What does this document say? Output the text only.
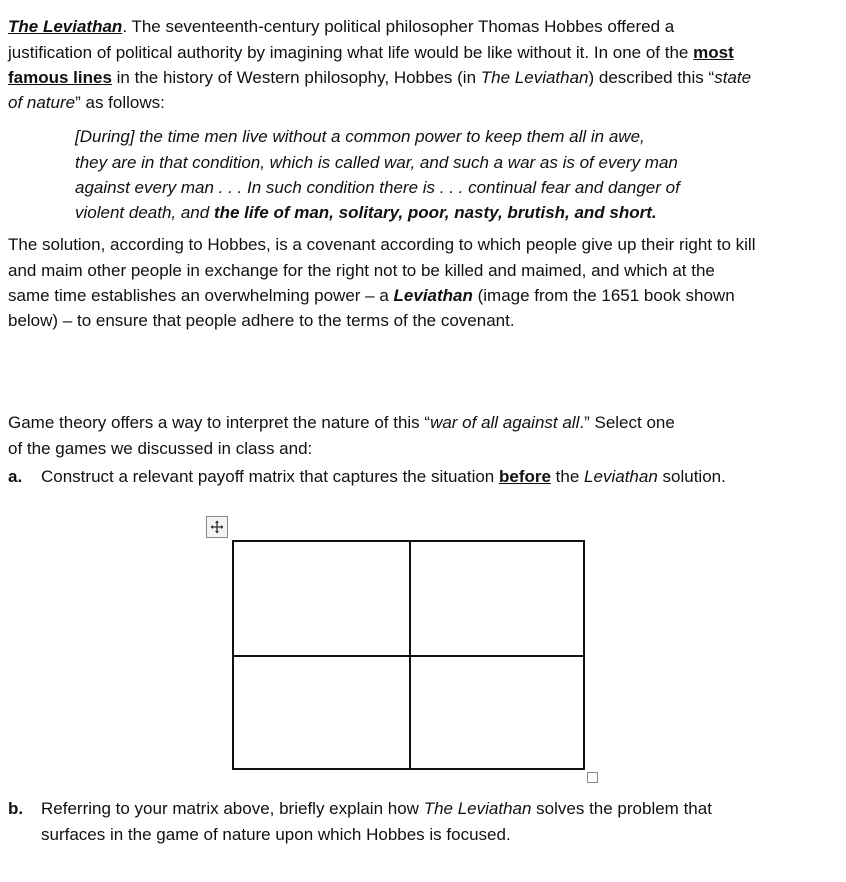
The Leviathan. The seventeenth-century political philosopher Thomas Hobbes offered a
justification of political authority by imagining what life would be like without it. In one of the most
famous lines in the history of Western philosophy, Hobbes (in The Leviathan) described this “state
of nature” as follows:
[During] the time men live without a common power to keep them all in awe,
they are in that condition, which is called war, and such a war as is of every man
against every man . . . In such condition there is . . . continual fear and danger of
violent death, and the life of man, solitary, poor, nasty, brutish, and short.
The solution, according to Hobbes, is a covenant according to which people give up their right to kill
and maim other people in exchange for the right not to be killed and maimed, and which at the
same time establishes an overwhelming power – a Leviathan (image from the 1651 book shown
below) – to ensure that people adhere to the terms of the covenant.
Game theory offers a way to interpret the nature of this “war of all against all.” Select one
of the games we discussed in class and:
a. Construct a relevant payoff matrix that captures the situation before the Leviathan solution.
b. Referring to your matrix above, briefly explain how The Leviathan solves the problem that
surfaces in the game of nature upon which Hobbes is focused.
